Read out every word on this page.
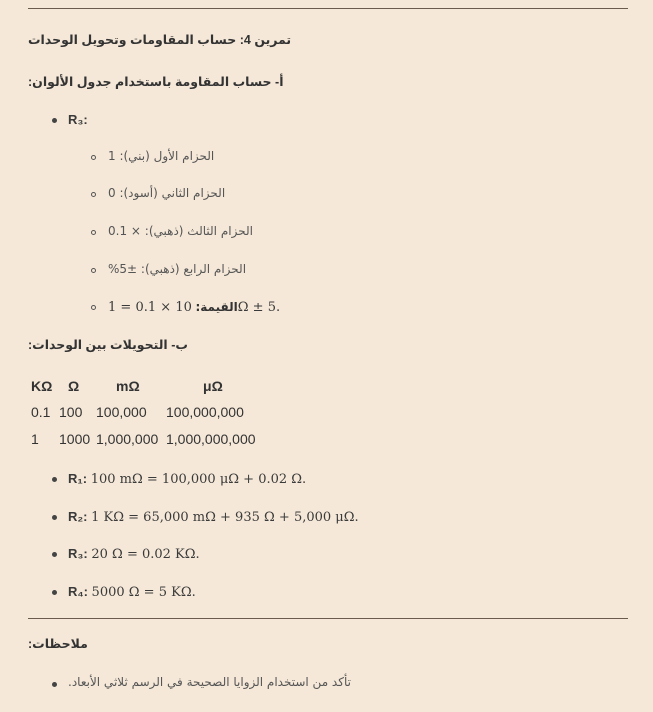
تمرين 4: حساب المقاومات وتحويل الوحدات
أ- حساب المقاومة باستخدام جدول الألوان:
R₃:
الحزام الأول (بني): 1
الحزام الثاني (أسود): 0
الحزام الثالث (ذهبي): × 0.1
الحزام الرابع (ذهبي): ±5%
القيمة: 10 × 0.1 = 1Ω ± 5.
ب- التحويلات بين الوحدات:
KΩ Ω	mΩ	μΩ
0.1 100 100,000 100,000,000
1 1000 1,000,000 1,000,000,000
R₁: 100 mΩ = 100,000 μΩ + 0.02 Ω.
R₂: 1 KΩ = 65,000 mΩ + 935 Ω + 5,000 μΩ.
R₃: 20 Ω = 0.02 KΩ.
R₄: 5000 Ω = 5 KΩ.
ملاحظات:
تأكد من استخدام الزوايا الصحيحة في الرسم ثلاثي الأبعاد.
